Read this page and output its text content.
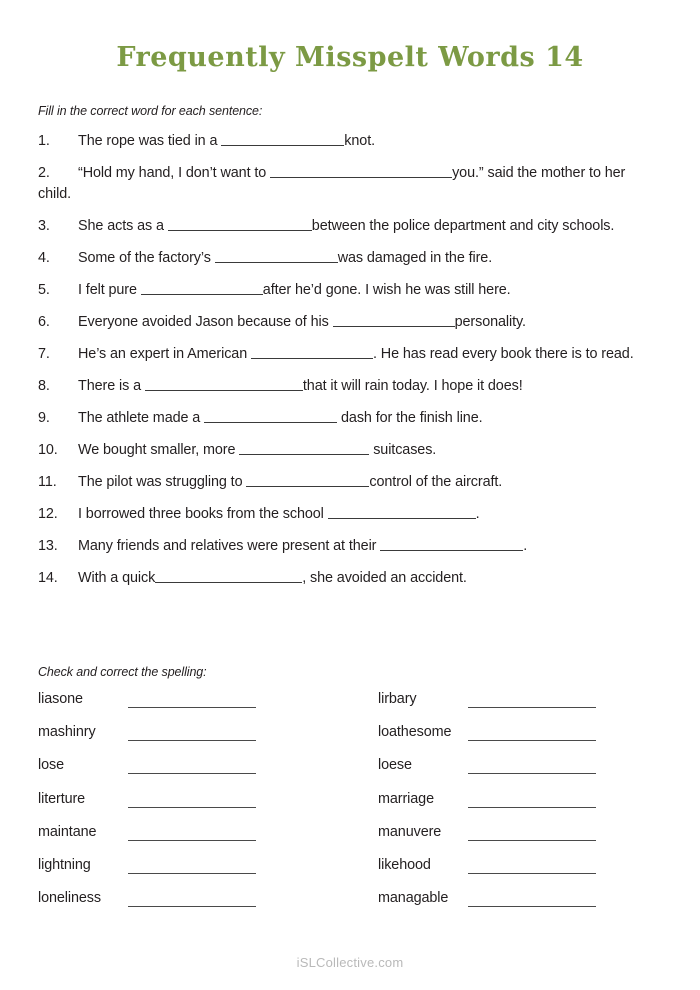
Frequently Misspelt Words 14
Fill in the correct word for each sentence:
1. The rope was tied in a	knot.
2. “Hold my hand, I don’t want to	you.” said the mother to her child.
3. She acts as a	between the police department and city schools.
4. Some of the factory’s	was damaged in the fire.
5. I felt pure	after he’d gone. I wish he was still here.
6. Everyone avoided Jason because of his	personality.
7. He’s an expert in American	. He has read every book there is to read.
8. There is a	that it will rain today. I hope it does!
9. The athlete made a	dash for the finish line.
10. We bought smaller, more	suitcases.
11. The pilot was struggling to	control of the aircraft.
12. I borrowed three books from the school	.
13. Many friends and relatives were present at their	.
14. With a quick	, she avoided an accident.
Check and correct the spelling:
liasone
mashinry
lose
literture
maintane
lightning
loneliness
lirbary
loathesome
loese
marriage
manuvere
likehood
managable
iSLCollective.com
